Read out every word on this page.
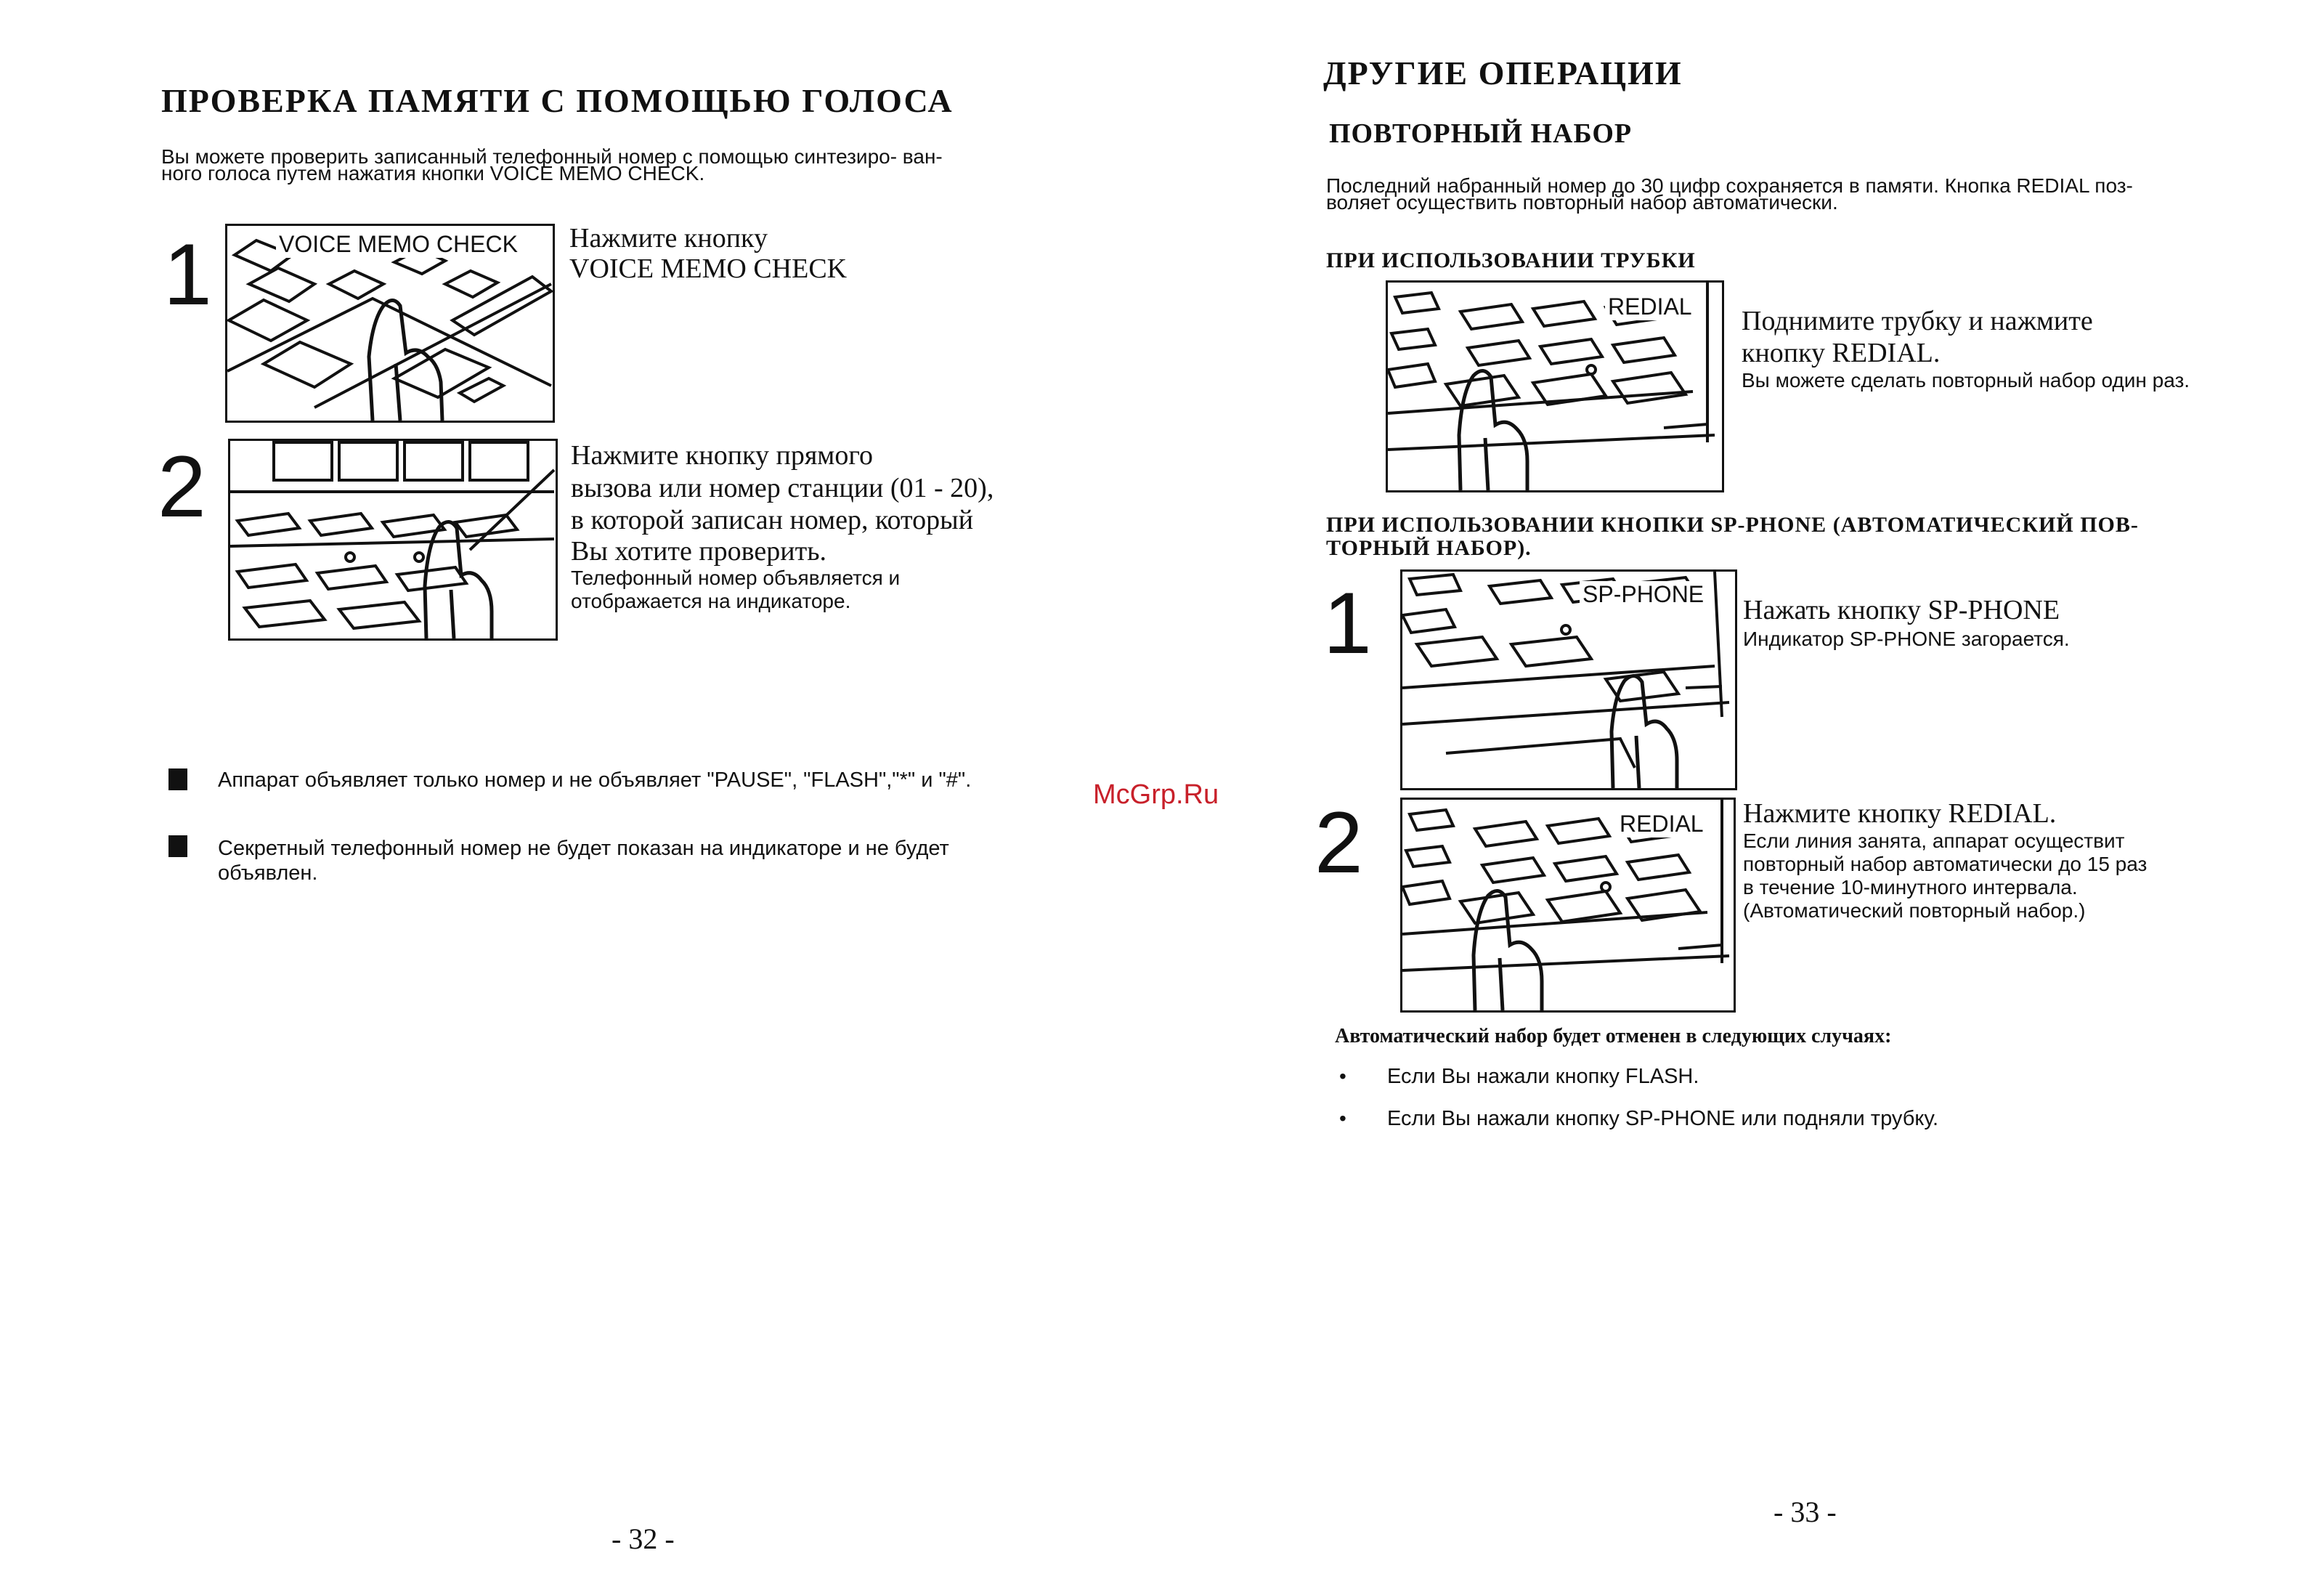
ПРОВЕРКА ПАМЯТИ С ПОМОЩЬЮ ГОЛОСА
Вы можете проверить записанный телефонный номер с помощью синтезиро- ван-
ного голоса путем нажатия кнопки VOICE MEMO CHECK.
1	VOICE MEMO CHECK Нажмите кнопку
VOICE MEMO CHECK
2	Нажмите кнопку прямого
вызова или номер станции (01 - 20),
в которой записан номер, который
Вы хотите проверить.
Телефонный номер объявляется и
отображается на индикаторе.
Аппарат объявляет только номер и не объявляет "PAUSE", "FLASH","*" и "#".
Секретный телефонный номер не будет показан на индикаторе и не будет
объявлен.
McGrp.Ru
- 32 -
ДРУГИЕ ОПЕРАЦИИ
ПОВТОРНЫЙ НАБОР
Последний набранный номер до 30 цифр сохраняется в памяти. Кнопка REDIAL поз-
воляет осуществить повторный набор автоматически.
ПРИ ИСПОЛЬЗОВАНИИ ТРУБКИ
REDIAL Поднимите трубку и нажмите
кнопку REDIAL.
Вы можете сделать повторный набор один раз.
ПРИ ИСПОЛЬЗОВАНИИ КНОПКИ SP-PHONE (АВТОМАТИЧЕСКИЙ ПОВ-
ТОРНЫЙ НАБОР).
1	SP-PHONE
Нажать кнопку SP-PHONE
Индикатор SP-PHONE загорается.
2	REDIAL Нажмите кнопку REDIAL.
Если линия занята, аппарат осуществит
повторный набор автоматически до 15 раз
в течение 10-минутного интервала.
(Автоматический повторный набор.)
Автоматический набор будет отменен в следующих случаях:
• Если Вы нажали кнопку FLASH.
• Если Вы нажали кнопку SP-PHONE или подняли трубку.
- 33 -
